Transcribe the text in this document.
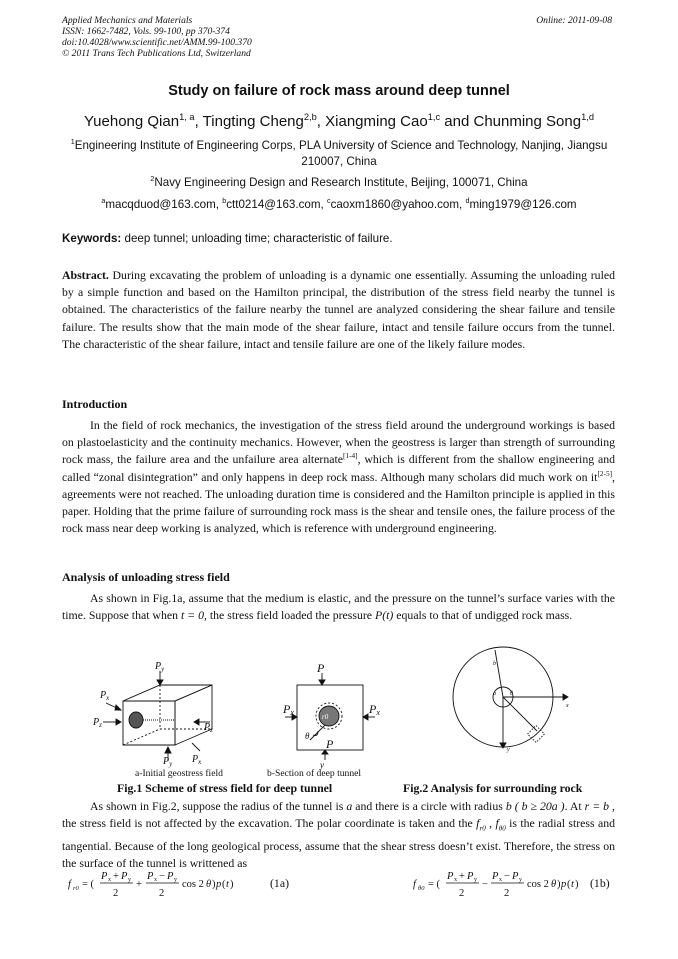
Applied Mechanics and Materials
ISSN: 1662-7482, Vols. 99-100, pp 370-374
doi:10.4028/www.scientific.net/AMM.99-100.370
© 2011 Trans Tech Publications Ltd, Switzerland
Online: 2011-09-08
Study on failure of rock mass around deep tunnel
Yuehong Qian$^{1, a}$, Tingting Cheng$^{2,b}$, Xiangming Cao$^{1,c}$ and Chunming Song$^{1,d}$
$^1$Engineering Institute of Engineering Corps, PLA University of Science and Technology, Nanjing, Jiangsu 210007, China
$^2$Navy Engineering Design and Research Institute, Beijing, 100071, China
$^a$macqduod@163.com, $^b$ctt0214@163.com, $^c$caoxm1860@yahoo.com, $^d$ming1979@126.com
Keywords: deep tunnel; unloading time; characteristic of failure.
Abstract. During excavating the problem of unloading is a dynamic one essentially. Assuming the unloading ruled by a simple function and based on the Hamilton principal, the distribution of the stress field nearby the tunnel is obtained. The characteristics of the failure nearby the tunnel are analyzed considering the shear failure and tensile failure. The results show that the main mode of the shear failure, intact and tensile failure occurs from the tunnel. The characteristic of the shear failure, intact and tensile failure are one of the likely failure modes.
Introduction
In the field of rock mechanics, the investigation of the stress field around the underground workings is based on plastoelasticity and the continuity mechanics. However, when the geostress is larger than strength of surrounding rock mass, the failure area and the unfailure area alternate[1-4], which is different from the shallow engineering and called “zonal disintegration” and only happens in deep rock mass. Although many scholars did much work on it[2-5], agreements were not reached. The unloading duration time is considered and the Hamilton principle is applied in this paper. Holding that the prime failure of surrounding rock mass is the shear and tensile ones, the failure process of the rock mass near deep working is analyzed, which is reference with underground engineering.
Analysis of unloading stress field
As shown in Fig.1a, assume that the medium is elastic, and the pressure on the tunnel’s surface varies with the time. Suppose that when t = 0, the stress field loaded the pressure P(t) equals to that of undigged rock mass.
$P_y$
$P_x$
$P_z$	$P_z$
$P_y$ $P_x$
P
Px	Px
r0
θ
P
y
b
a
x
y
θ
a-Initial geostress field	b-Section of deep tunnel
Fig.1 Scheme of stress field for deep tunnel	Fig.2 Analysis for surrounding rock
As shown in Fig.2, suppose the radius of the tunnel is a and there is a circle with radius b ( b ≥ 20a ). At r = b , the stress field is not affected by the excavation. The polar coordinate is taken and the $f_{r0}$ , $f_{\theta 0}$ is the radial stress and tangential. Because of the long geological process, assume that the shear stress doesn’t exist. Therefore, the stress on the surface of the tunnel is writtened as
f r0 = (
P x + P y
2
+
P x − P y
2
cos 2 θ ) p ( t )	f θ0 = (
P x + P y
2
−
P x − P y
2
cos 2 θ ) p ( t )
(1a)	(1b)
